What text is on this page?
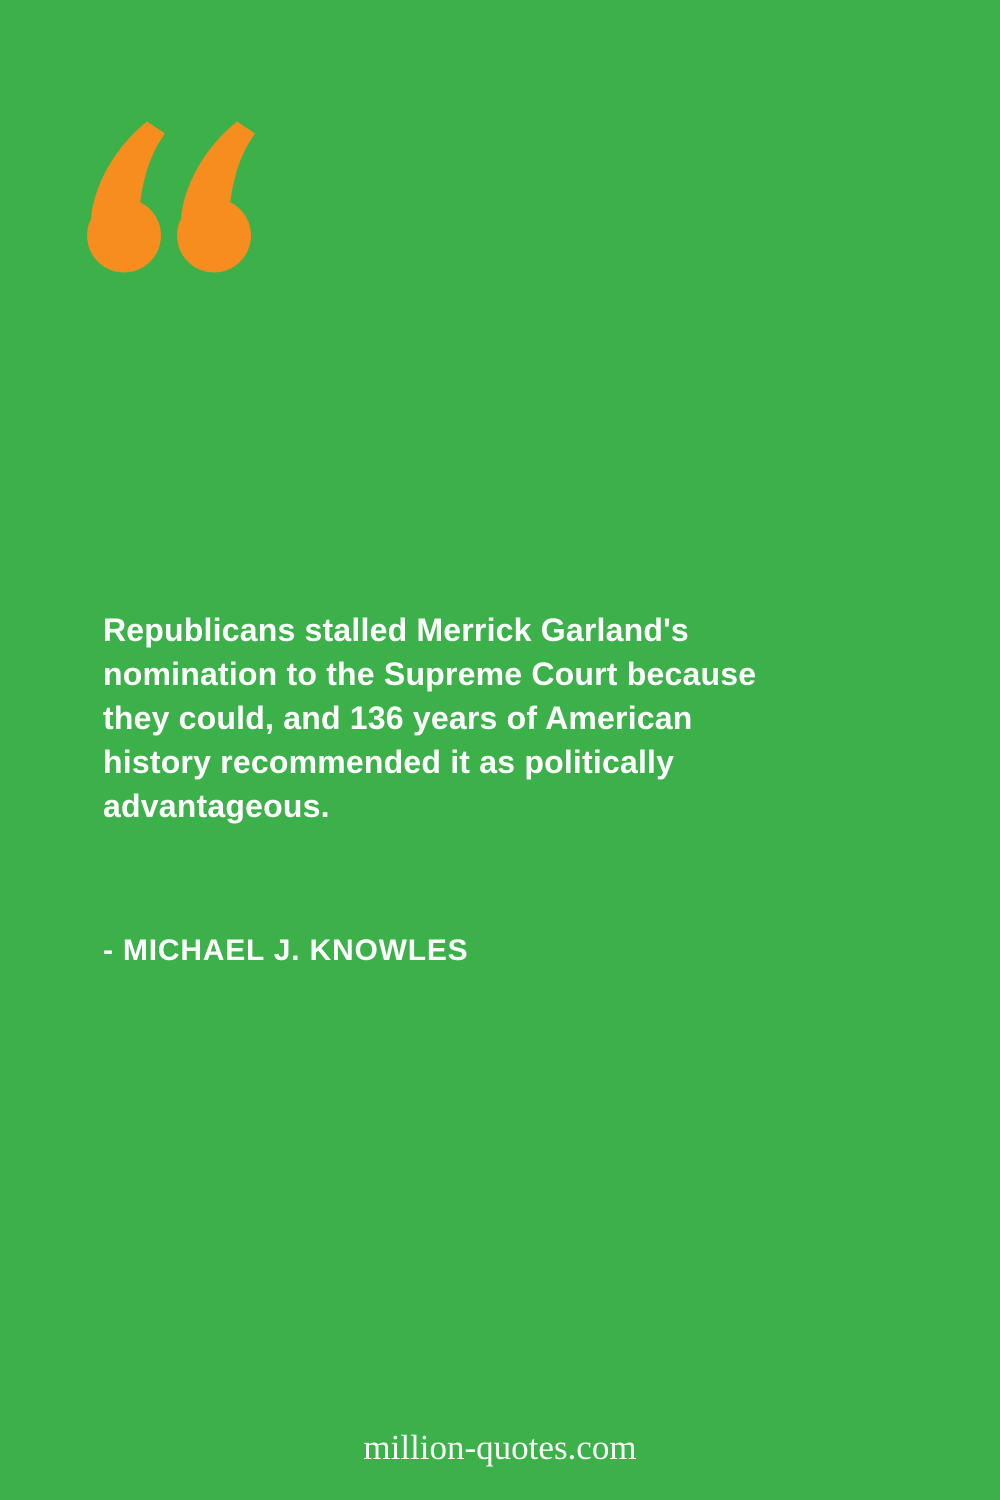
Republicans stalled Merrick Garland's
nomination to the Supreme Court because
they could, and 136 years of American
history recommended it as politically
advantageous.
- MICHAEL J. KNOWLES
million-quotes.com
